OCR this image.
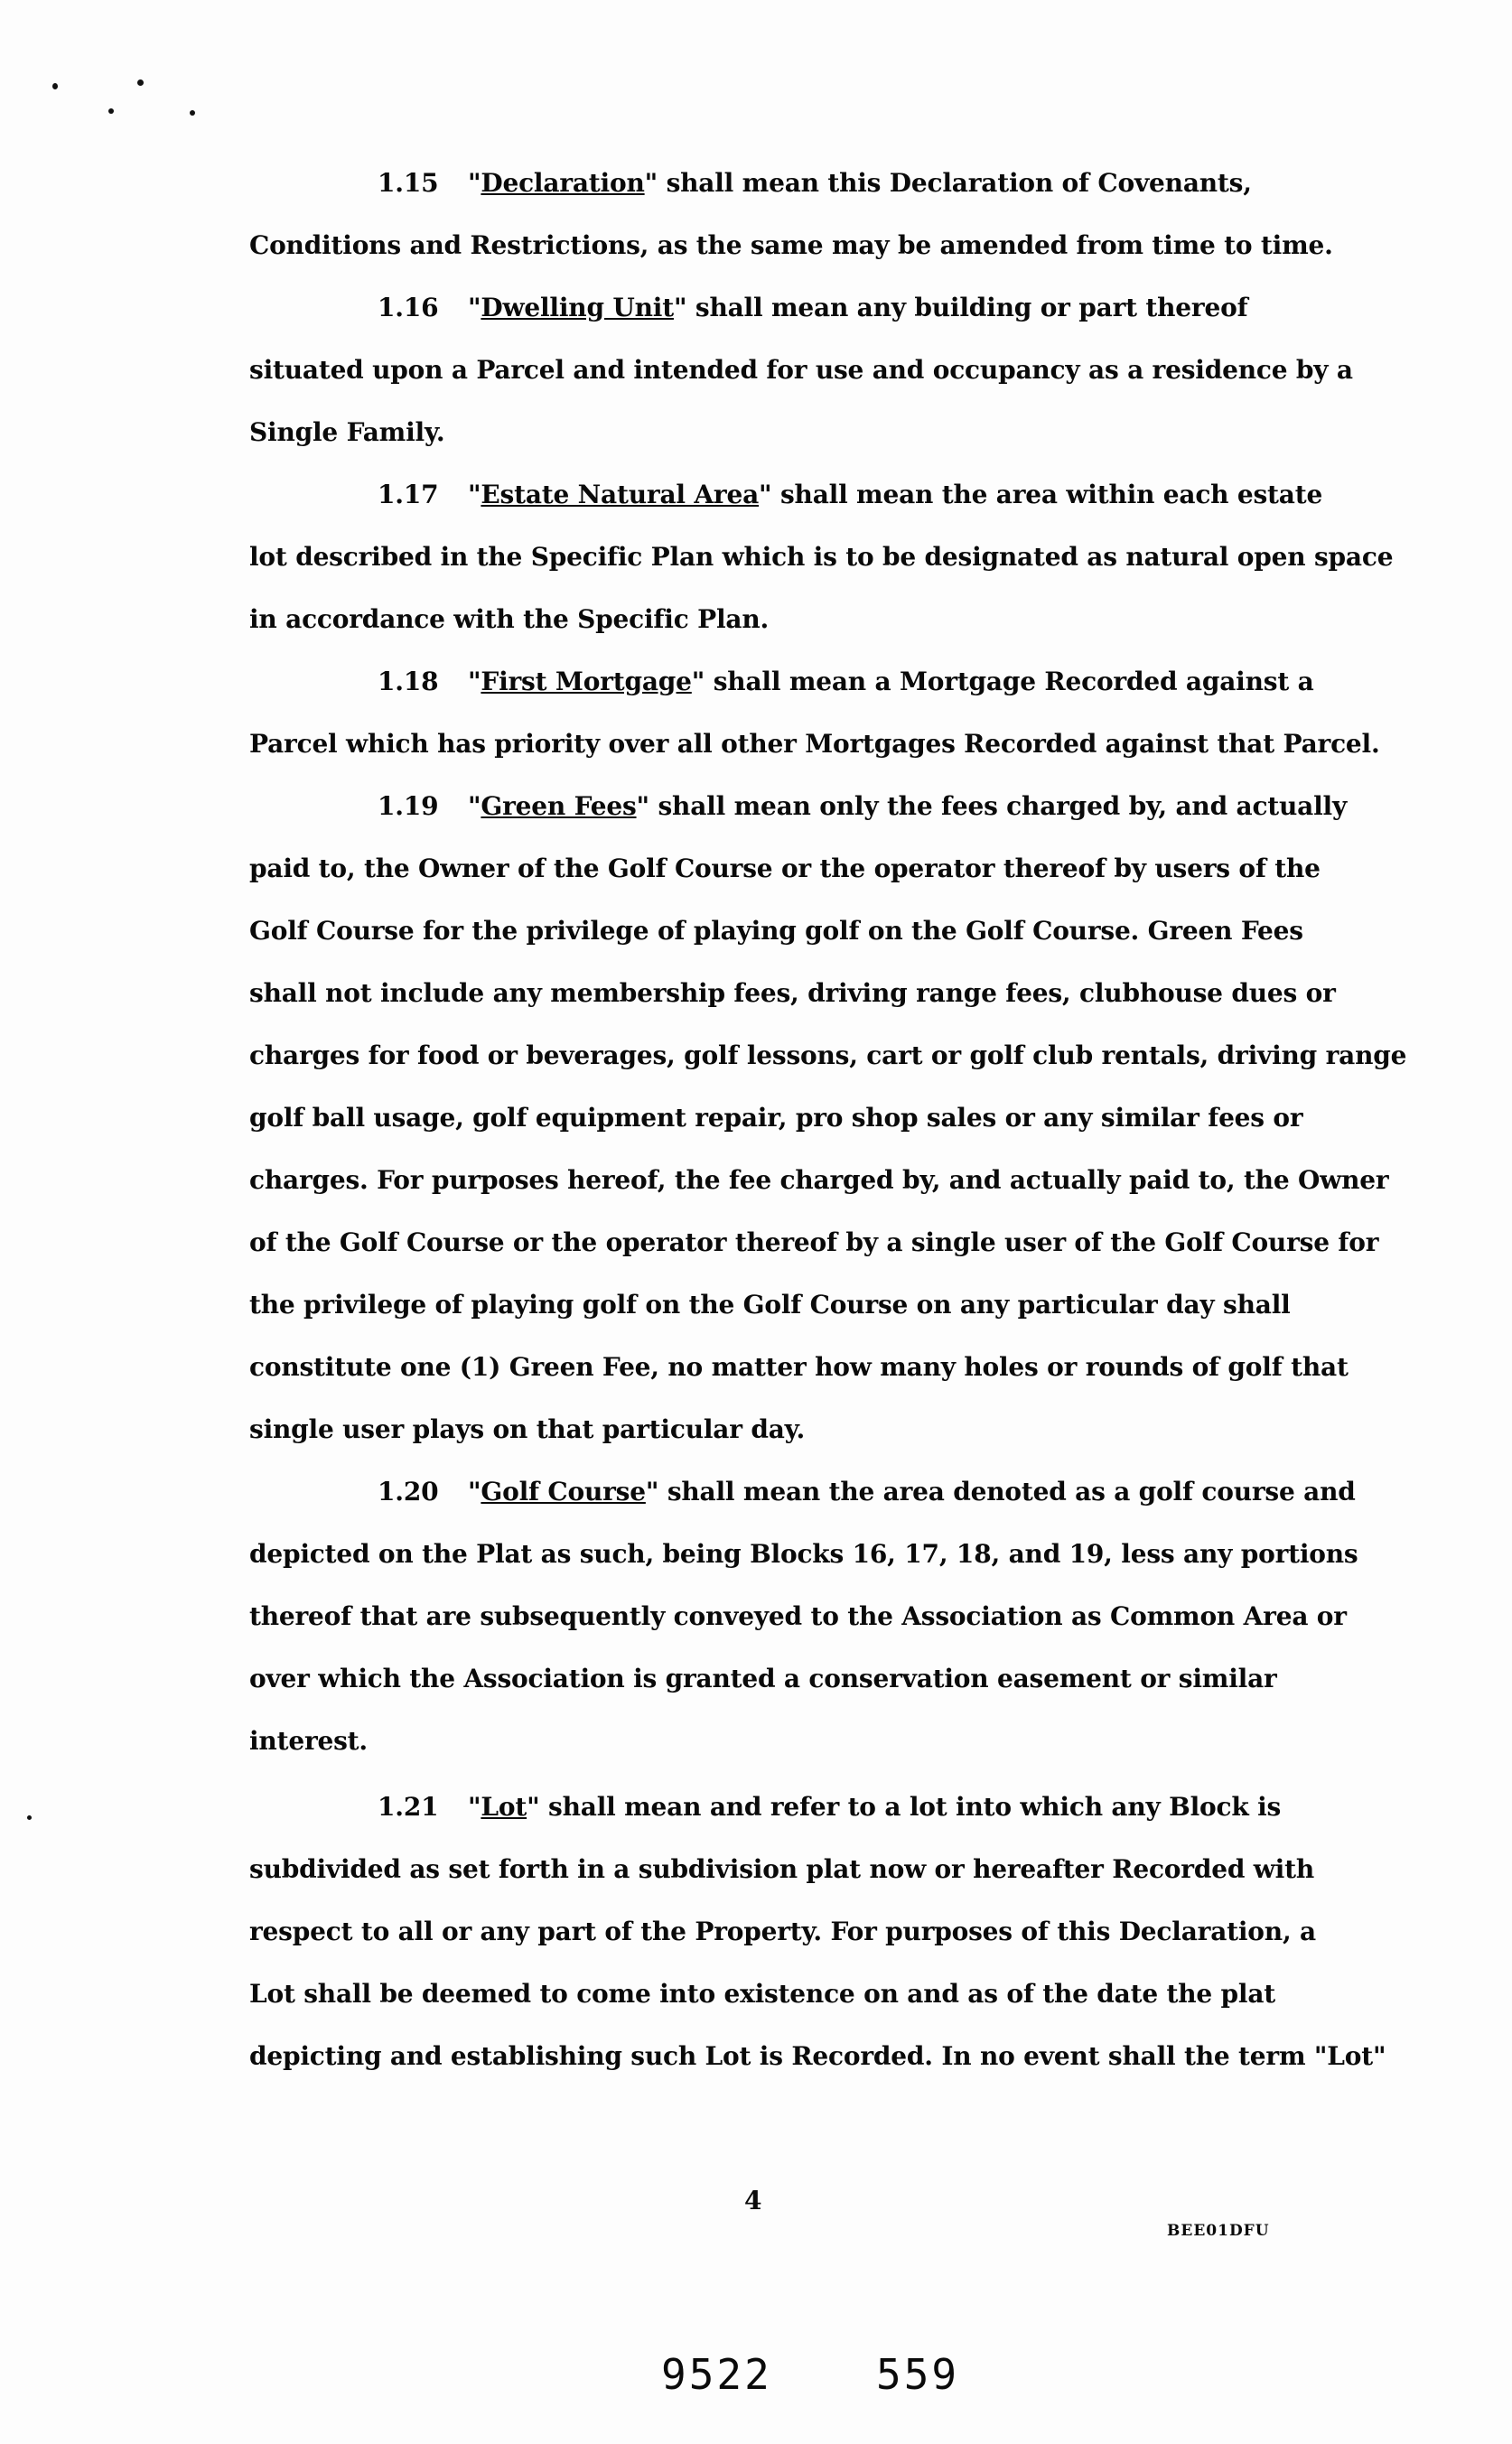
1.15 "Declaration" shall mean this Declaration of Covenants,
Conditions and Restrictions, as the same may be amended from time to time.
1.16 "Dwelling Unit" shall mean any building or part thereof
situated upon a Parcel and intended for use and occupancy as a residence by a
Single Family.
1.17 "Estate Natural Area" shall mean the area within each estate
lot described in the Specific Plan which is to be designated as natural open space
in accordance with the Specific Plan.
1.18 "First Mortgage" shall mean a Mortgage Recorded against a
Parcel which has priority over all other Mortgages Recorded against that Parcel.
1.19 "Green Fees" shall mean only the fees charged by, and actually
paid to, the Owner of the Golf Course or the operator thereof by users of the
Golf Course for the privilege of playing golf on the Golf Course. Green Fees
shall not include any membership fees, driving range fees, clubhouse dues or
charges for food or beverages, golf lessons, cart or golf club rentals, driving range
golf ball usage, golf equipment repair, pro shop sales or any similar fees or
charges. For purposes hereof, the fee charged by, and actually paid to, the Owner
of the Golf Course or the operator thereof by a single user of the Golf Course for
the privilege of playing golf on the Golf Course on any particular day shall
constitute one (1) Green Fee, no matter how many holes or rounds of golf that
single user plays on that particular day.
1.20 "Golf Course" shall mean the area denoted as a golf course and
depicted on the Plat as such, being Blocks 16, 17, 18, and 19, less any portions
thereof that are subsequently conveyed to the Association as Common Area or
over which the Association is granted a conservation easement or similar
interest.
1.21 "Lot" shall mean and refer to a lot into which any Block is
subdivided as set forth in a subdivision plat now or hereafter Recorded with
respect to all or any part of the Property. For purposes of this Declaration, a
Lot shall be deemed to come into existence on and as of the date the plat
depicting and establishing such Lot is Recorded. In no event shall the term "Lot"
4
BEE01DFU
9522	559
